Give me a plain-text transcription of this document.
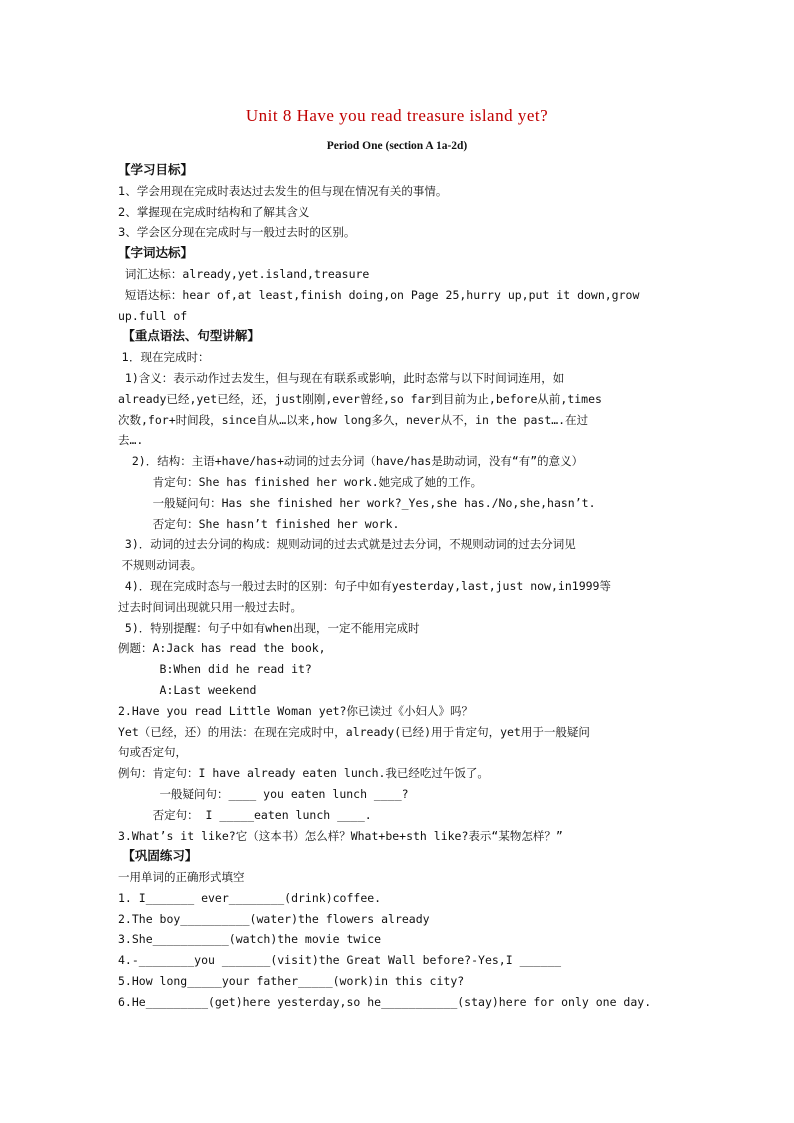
Unit 8 Have you read treasure island yet?
Period One (section A 1a-2d)
【学习目标】
1、学会用现在完成时表达过去发生的但与现在情况有关的事情。
2、掌握现在完成时结构和了解其含义
3、学会区分现在完成时与一般过去时的区别。
【字词达标】
词汇达标：already,yet.island,treasure
短语达标：hear of,at least,finish doing,on Page 25,hurry up,put it down,grow
up.full of
【重点语法、句型讲解】
1．现在完成时：
1)含义：表示动作过去发生，但与现在有联系或影响，此时态常与以下时间词连用，如
already已经,yet已经，还，just刚刚,ever曾经,so far到目前为止,before从前,times
次数,for+时间段，since自从…以来,how long多久，never从不，in the past….在过
去….
2)．结构：主语+have/has+动词的过去分词（have/has是助动词，没有“有”的意义）
肯定句：She has finished her work.她完成了她的工作。
一般疑问句：Has she finished her work?_Yes,she has./No,she,hasn’t.
否定句：She hasn’t finished her work.
3)．动词的过去分词的构成：规则动词的过去式就是过去分词，不规则动词的过去分词见
不规则动词表。
4)．现在完成时态与一般过去时的区别：句子中如有yesterday,last,just now,in1999等
过去时间词出现就只用一般过去时。
5)．特别提醒：句子中如有when出现，一定不能用完成时
例题：A:Jack has read the book,
B:When did he read it?
A:Last weekend
2.Have you read Little Woman yet?你已读过《小妇人》吗？
Yet（已经，还）的用法：在现在完成时中，already(已经)用于肯定句，yet用于一般疑问
句或否定句，
例句：肯定句：I have already eaten lunch.我已经吃过午饭了。
一般疑问句：____ you eaten lunch ____?
否定句： I _____eaten lunch ____.
3.What’s it like?它（这本书）怎么样？What+be+sth like?表示“某物怎样？”
【巩固练习】
一用单词的正确形式填空
1. I_______ ever________(drink)coffee.
2.The boy__________(water)the flowers already
3.She___________(watch)the movie twice
4.-________you _______(visit)the Great Wall before?-Yes,I ______
5.How long_____your father_____(work)in this city?
6.He_________(get)here yesterday,so he___________(stay)here for only one day.
